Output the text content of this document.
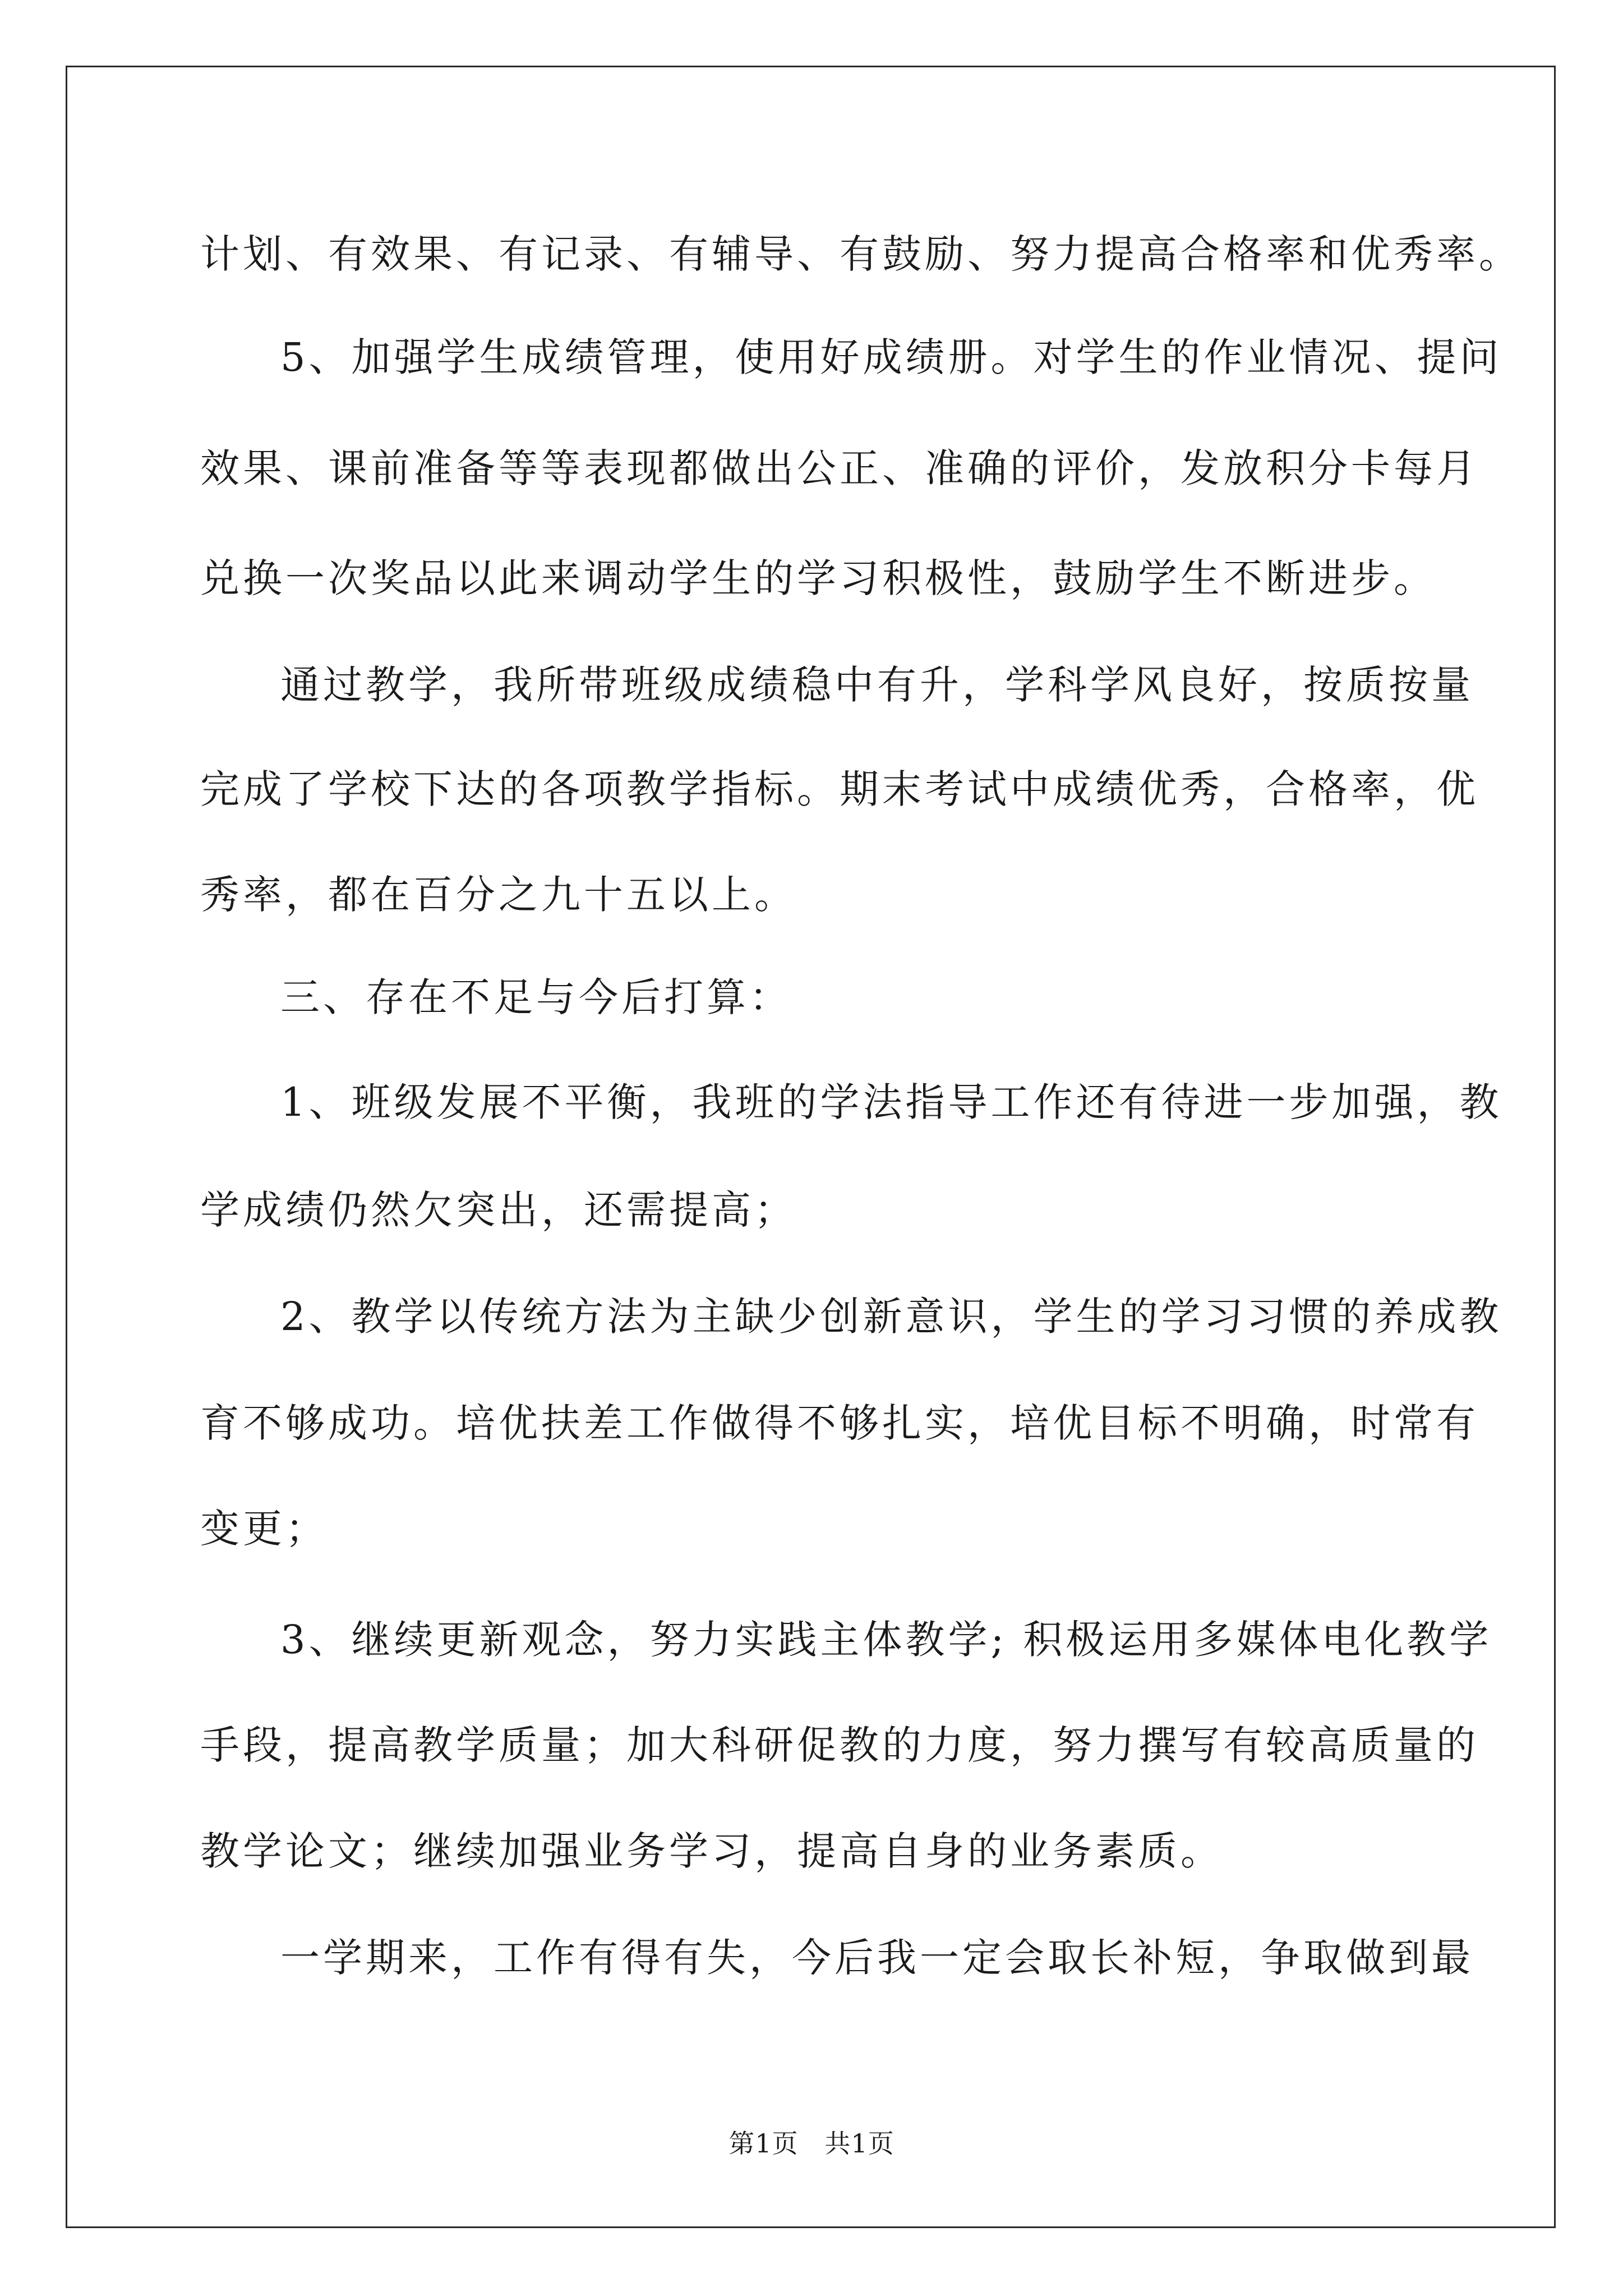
计划、有效果、有记录、有辅导、有鼓励、努力提高合格率和优秀率。
5、加强学生成绩管理，使用好成绩册。对学生的作业情况、提问
效果、课前准备等等表现都做出公正、准确的评价，发放积分卡每月
兑换一次奖品以此来调动学生的学习积极性，鼓励学生不断进步。
通过教学，我所带班级成绩稳中有升，学科学风良好，按质按量
完成了学校下达的各项教学指标。期末考试中成绩优秀，合格率，优
秀率，都在百分之九十五以上。
三、存在不足与今后打算：
1、班级发展不平衡，我班的学法指导工作还有待进一步加强，教
学成绩仍然欠突出，还需提高；
2、教学以传统方法为主缺少创新意识，学生的学习习惯的养成教
育不够成功。培优扶差工作做得不够扎实，培优目标不明确，时常有
变更；
3、继续更新观念，努力实践主体教学; 积极运用多媒体电化教学
手段，提高教学质量；加大科研促教的力度，努力撰写有较高质量的
教学论文；继续加强业务学习，提高自身的业务素质。
一学期来，工作有得有失，今后我一定会取长补短，争取做到最
第1页   共1页
